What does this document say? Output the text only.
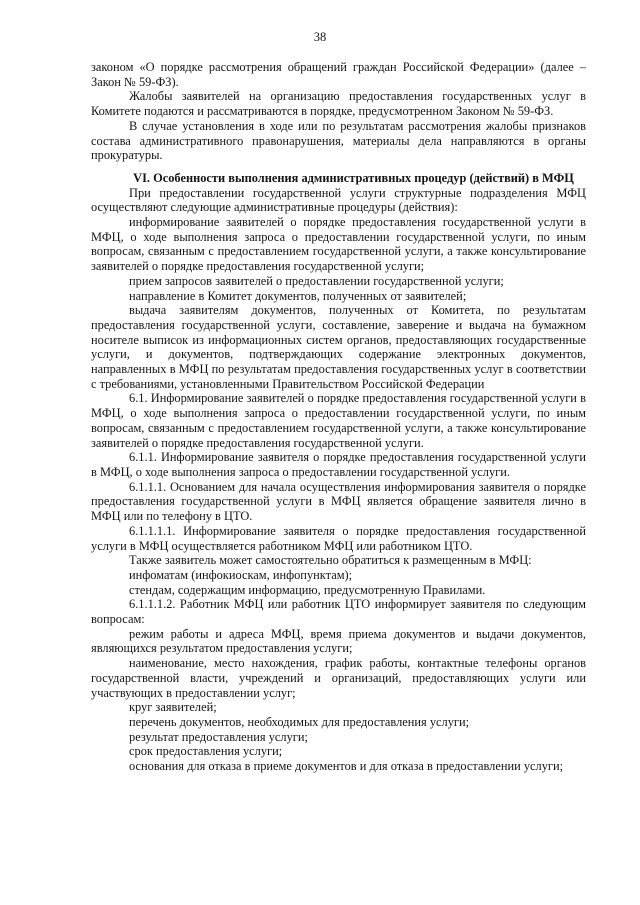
38

законом «О порядке рассмотрения обращений граждан Российской Федерации» (далее – Закон № 59-ФЗ).

Жалобы заявителей на организацию предоставления государственных услуг в Комитете подаются и рассматриваются в порядке, предусмотренном Законом № 59-ФЗ.

В случае установления в ходе или по результатам рассмотрения жалобы признаков состава административного правонарушения, материалы дела направляются в органы прокуратуры.

VI. Особенности выполнения административных процедур (действий) в МФЦ

При предоставлении государственной услуги структурные подразделения МФЦ осуществляют следующие административные процедуры (действия):

информирование заявителей о порядке предоставления государственной услуги в МФЦ, о ходе выполнения запроса о предоставлении государственной услуги, по иным вопросам, связанным с предоставлением государственной услуги, а также консультирование заявителей о порядке предоставления государственной услуги;

прием запросов заявителей о предоставлении государственной услуги;

направление в Комитет документов, полученных от заявителей;

выдача заявителям документов, полученных от Комитета, по результатам предоставления государственной услуги, составление, заверение и выдача на бумажном носителе выписок из информационных систем органов, предоставляющих государственные услуги, и документов, подтверждающих содержание электронных документов, направленных в МФЦ по результатам предоставления государственных услуг в соответствии с требованиями, установленными Правительством Российской Федерации

6.1. Информирование заявителей о порядке предоставления государственной услуги в МФЦ, о ходе выполнения запроса о предоставлении государственной услуги, по иным вопросам, связанным с предоставлением государственной услуги, а также консультирование заявителей о порядке предоставления государственной услуги.

6.1.1. Информирование заявителя о порядке предоставления государственной услуги в МФЦ, о ходе выполнения запроса о предоставлении государственной услуги.

6.1.1.1. Основанием для начала осуществления информирования заявителя о порядке предоставления государственной услуги в МФЦ является обращение заявителя лично в МФЦ или по телефону в ЦТО.

6.1.1.1.1. Информирование заявителя о порядке предоставления государственной услуги в МФЦ осуществляется работником МФЦ или работником ЦТО.

Также заявитель может самостоятельно обратиться к размещенным в МФЦ:

инфоматам (инфокиоскам, инфопунктам);

стендам, содержащим информацию, предусмотренную Правилами.

6.1.1.1.2. Работник МФЦ или работник ЦТО информирует заявителя по следующим вопросам:

режим работы и адреса МФЦ, время приема документов и выдачи документов, являющихся результатом предоставления услуги;

наименование, место нахождения, график работы, контактные телефоны органов государственной власти, учреждений и организаций, предоставляющих услуги или участвующих в предоставлении услуг;

круг заявителей;

перечень документов, необходимых для предоставления услуги;

результат предоставления услуги;

срок предоставления услуги;

основания для отказа в приеме документов и для отказа в предоставлении услуги;
